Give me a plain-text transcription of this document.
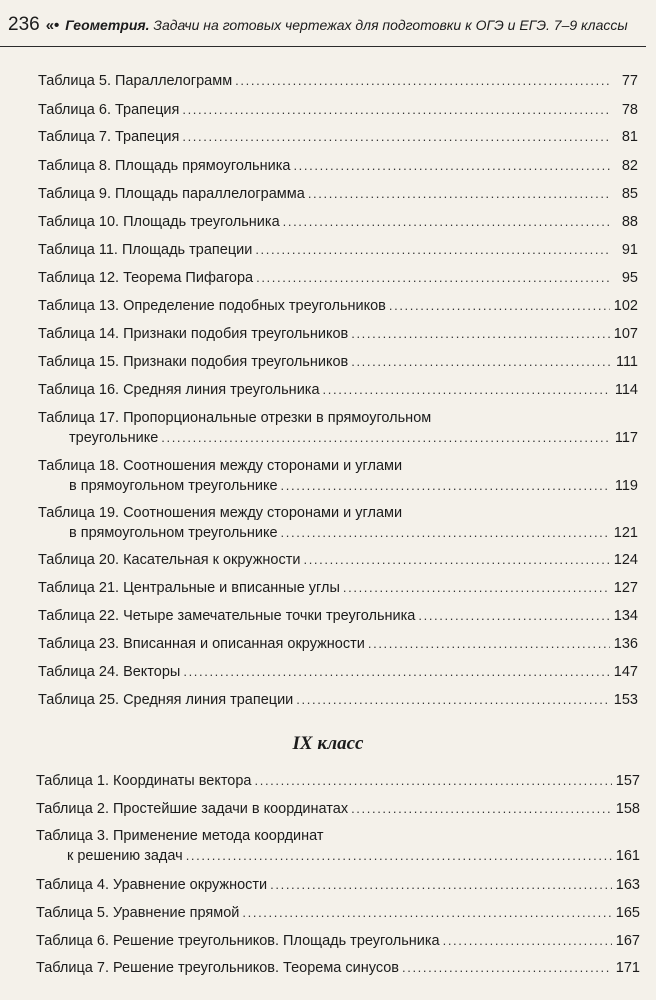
236 «• Геометрия. Задачи на готовых чертежах для подготовки к ОГЭ и ЕГЭ. 7–9 классы
Таблица 5. Параллелограмм . . .	77
Таблица 6. Трапеция . . .	78
Таблица 7. Трапеция . . .	81
Таблица 8. Площадь прямоугольника . . .	82
Таблица 9. Площадь параллелограмма . . .	85
Таблица 10. Площадь треугольника . . .	88
Таблица 11. Площадь трапеции . . .	91
Таблица 12. Теорема Пифагора . . .	95
Таблица 13. Определение подобных треугольников . . .	102
Таблица 14. Признаки подобия треугольников . . .	107
Таблица 15. Признаки подобия треугольников . . .	111
Таблица 16. Средняя линия треугольника . . .	114
Таблица 17. Пропорциональные отрезки в прямоугольном
треугольнике . . .	117
Таблица 18. Соотношения между сторонами и углами
в прямоугольном треугольнике . . .	119
Таблица 19. Соотношения между сторонами и углами
в прямоугольном треугольнике . . .	121
Таблица 20. Касательная к окружности . . .	124
Таблица 21. Центральные и вписанные углы . . .	127
Таблица 22. Четыре замечательные точки треугольника . . .	134
Таблица 23. Вписанная и описанная окружности . . .	136
Таблица 24. Векторы . . .	147
Таблица 25. Средняя линия трапеции . . .	153
IX класс
Таблица 1. Координаты вектора . . .	157
Таблица 2. Простейшие задачи в координатах . . .	158
Таблица 3. Применение метода координат
к решению задач . . .	161
Таблица 4. Уравнение окружности . . .	163
Таблица 5. Уравнение прямой . . .	165
Таблица 6. Решение треугольников. Площадь треугольника . . .	167
Таблица 7. Решение треугольников. Теорема синусов . . .	171
